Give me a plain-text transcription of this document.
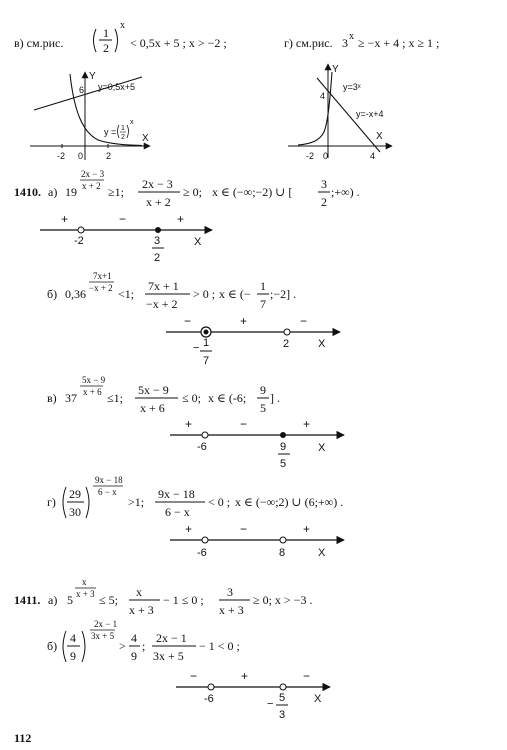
в) см.рис.
1
2
x
< 0,5x + 5 ; x > −2 ;	г) см.рис. 3 x ≥ −x + 4 ; x ≥ 1 ;
Y
X
6 y=0,5x+5
y = 1
2
x
-2 0	2
Y
X
4
y=3ˣ
y=-x+4
-2 0	4
1410. а) 19
2x − 3
x + 2 ≥1;
2x − 3
x + 2
≥ 0; x ∈ (−∞;−2) ∪ [
3
2
;+∞) .
+	−	+
-2	3
2
X
б) 0,36
7x+1
−x + 2 <1;
7x + 1
−x + 2
> 0 ; x ∈ (−
1
7
;−2] .
−	+	−
− 1
7
2	X
в) 37
5x − 9
x + 6 ≤1;
5x − 9
x + 6
≤ 0; x ∈ (-6;
9
5
] .
+	−	+
-6	9
5
X
г)
29
30
9x − 18
6 − x
>1;
9x − 18
6 − x
< 0 ; x ∈ (−∞;2) ∪ (6;+∞) .
+	−	+
-6	8	X
1411. а) 5
x
x + 3 ≤ 5;
x
x + 3
− 1 ≤ 0 ;
3
x + 3
≥ 0; x > −3 .
б)
4
9
2x − 1
3x + 5
>
4
9
;
2x − 1
3x + 5
− 1 < 0 ;
−	+	−
-6	− 5
3
X
112
